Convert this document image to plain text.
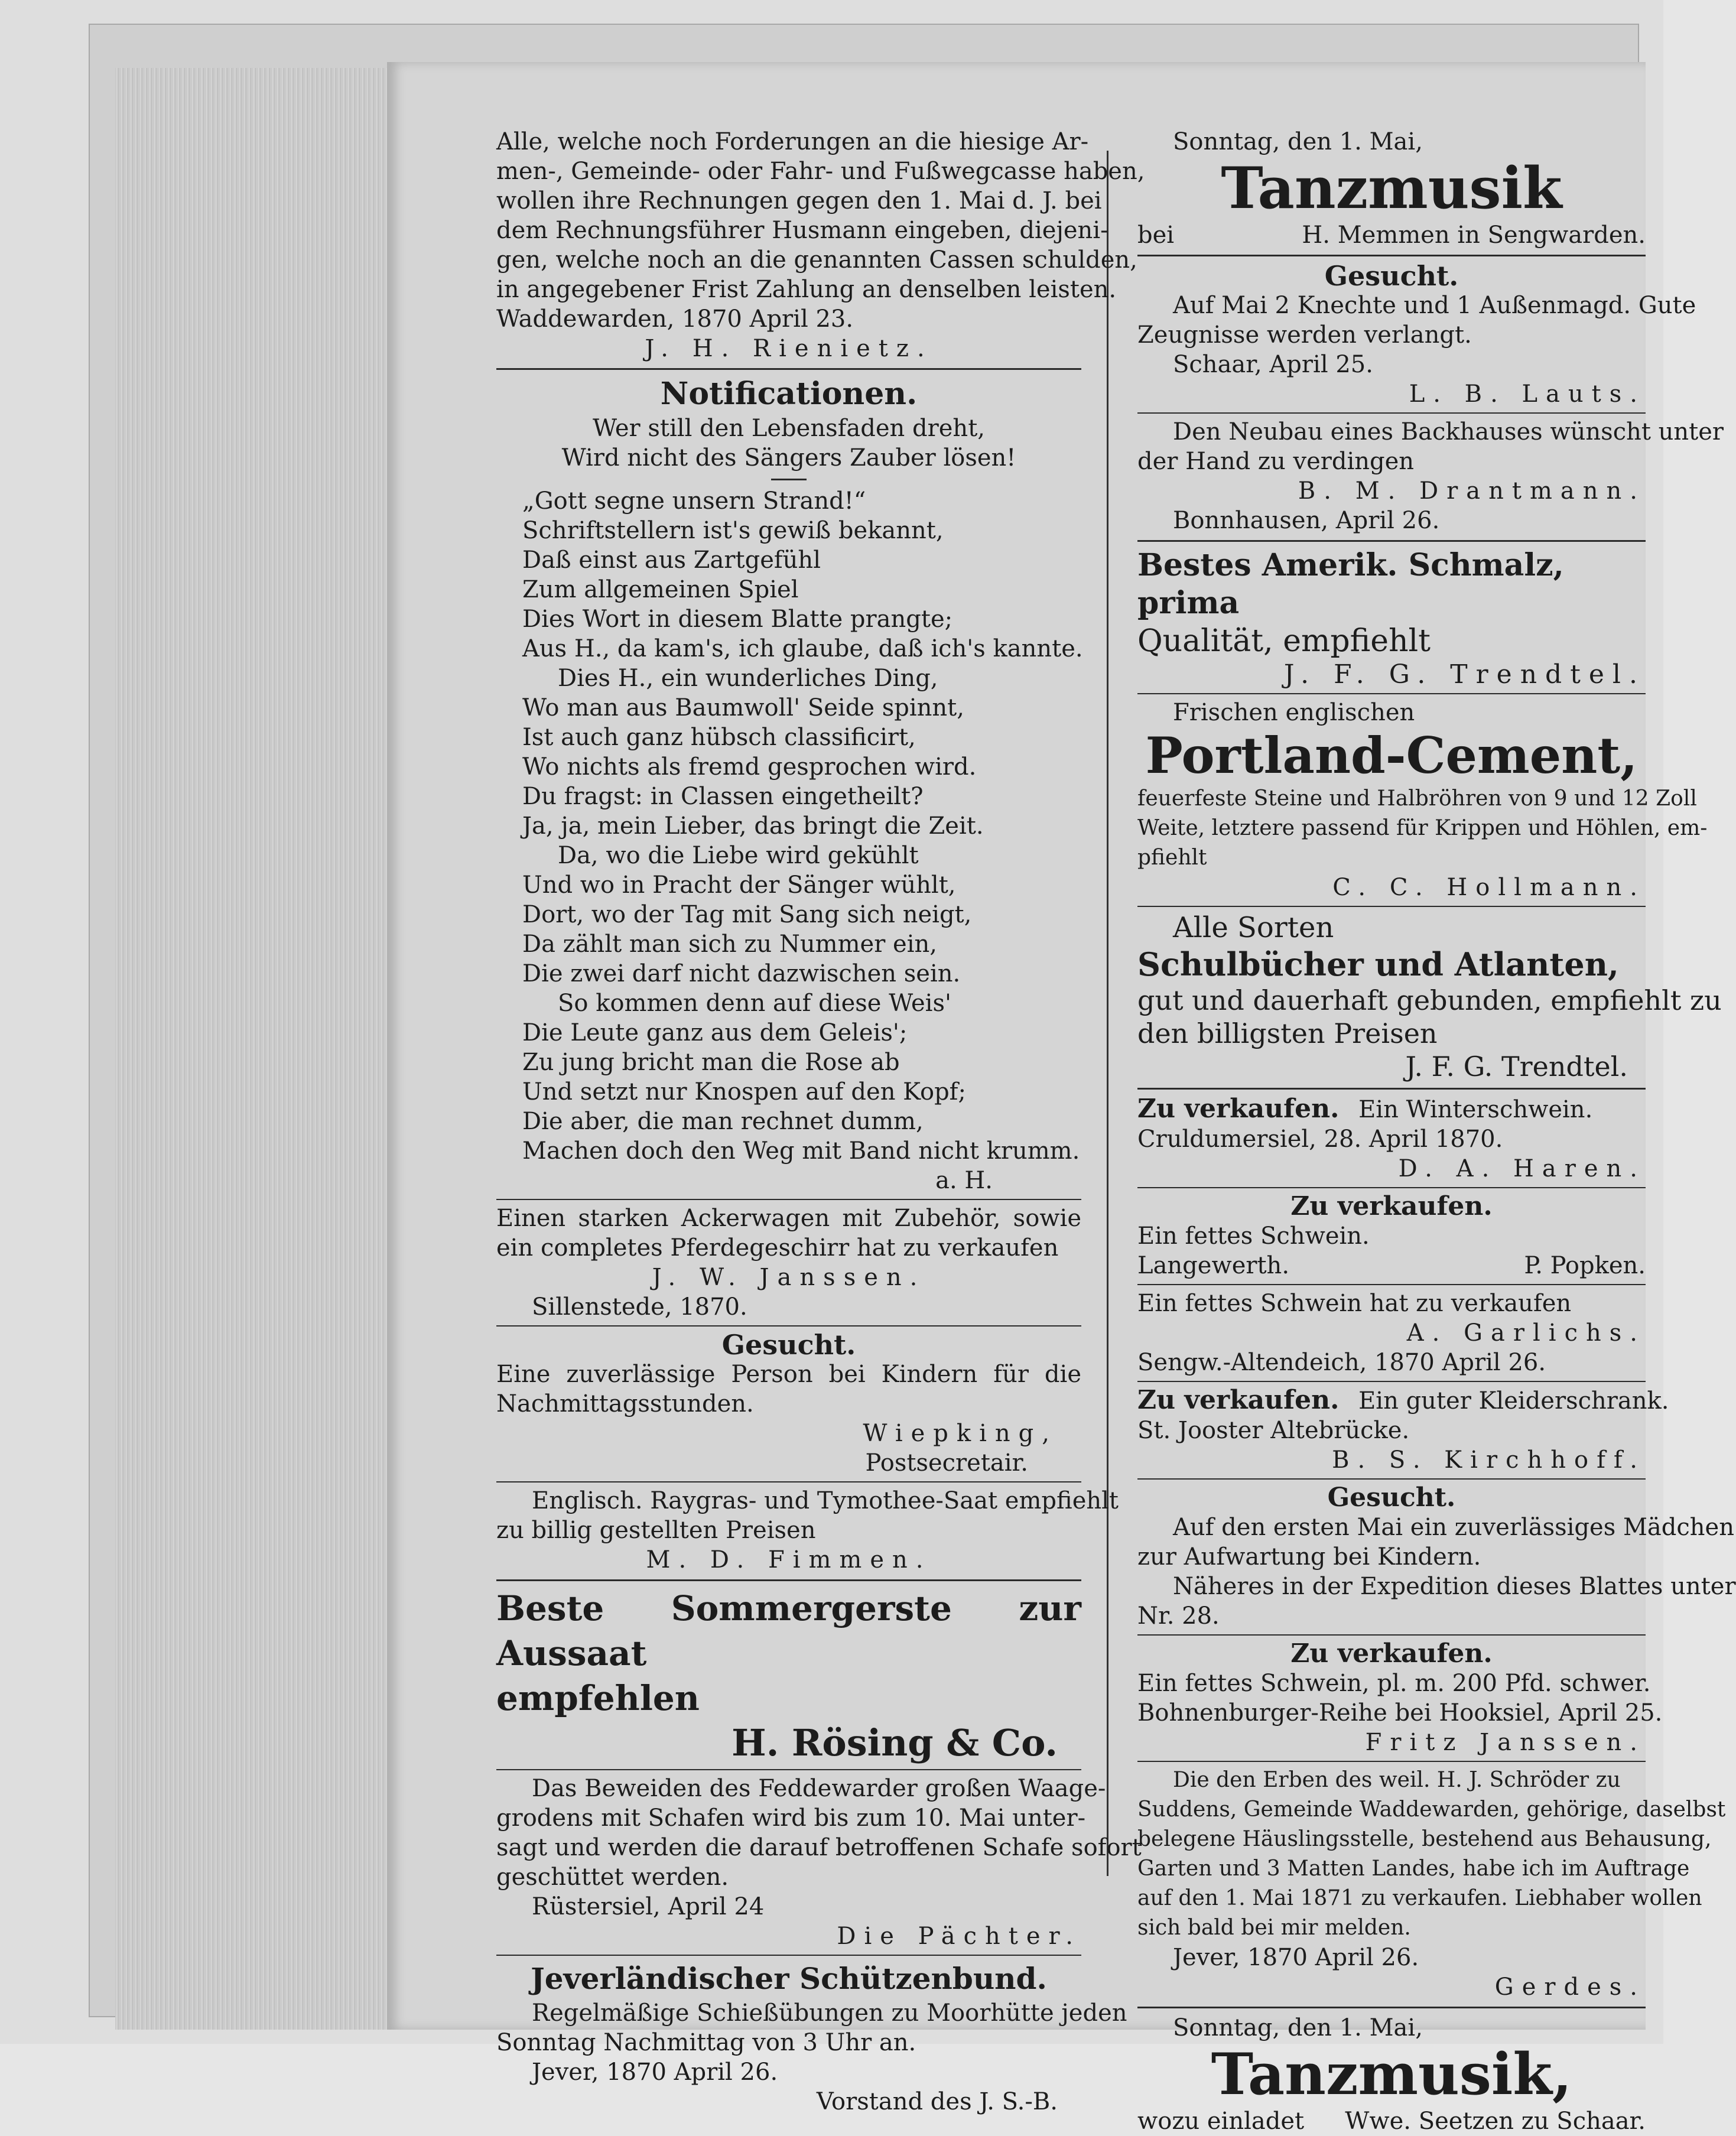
Alle, welche noch Forderungen an die hiesige Ar-
men-, Gemeinde- oder Fahr- und Fußwegcasse haben,
wollen ihre Rechnungen gegen den 1. Mai d. J. bei
dem Rechnungsführer Husmann eingeben, diejeni-
gen, welche noch an die genannten Cassen schulden,
in angegebener Frist Zahlung an denselben leisten.
Waddewarden, 1870 April 23.
J. H. Rienietz.
Notificationen.
Wer still den Lebensfaden dreht,
Wird nicht des Sängers Zauber lösen!
„Gott segne unsern Strand!“
Schriftstellern ist's gewiß bekannt,
Daß einst aus Zartgefühl
Zum allgemeinen Spiel
Dies Wort in diesem Blatte prangte;
Aus H., da kam's, ich glaube, daß ich's kannte.
Dies H., ein wunderliches Ding,
Wo man aus Baumwoll' Seide spinnt,
Ist auch ganz hübsch classificirt,
Wo nichts als fremd gesprochen wird.
Du fragst: in Classen eingetheilt?
Ja, ja, mein Lieber, das bringt die Zeit.
Da, wo die Liebe wird gekühlt
Und wo in Pracht der Sänger wühlt,
Dort, wo der Tag mit Sang sich neigt,
Da zählt man sich zu Nummer ein,
Die zwei darf nicht dazwischen sein.
So kommen denn auf diese Weis'
Die Leute ganz aus dem Geleis';
Zu jung bricht man die Rose ab
Und setzt nur Knospen auf den Kopf;
Die aber, die man rechnet dumm,
Machen doch den Weg mit Band nicht krumm.
a. H.
Einen starken Ackerwagen mit Zubehör, sowie
ein completes Pferdegeschirr hat zu verkaufen
J. W. Janssen.
Sillenstede, 1870.
Gesucht.
Eine zuverlässige Person bei Kindern für die
Nachmittagsstunden.
Wiepking,
Postsecretair.
Englisch. Raygras- und Tymothee-Saat empfiehlt
zu billig gestellten Preisen
M. D. Fimmen.
Beste Sommergerste zur Aussaat
empfehlen
H. Rösing & Co.
Das Beweiden des Feddewarder großen Waage-
grodens mit Schafen wird bis zum 10. Mai unter-
sagt und werden die darauf betroffenen Schafe sofort
geschüttet werden.
Rüstersiel, April 24
Die Pächter.
Jeverländischer Schützenbund.
Regelmäßige Schießübungen zu Moorhütte jeden
Sonntag Nachmittag von 3 Uhr an.
Jever, 1870 April 26.
Vorstand des J. S.-B.
Sonntag, den 1. Mai,
Tanzmusik
bei	H. Memmen in Sengwarden.
Gesucht.
Auf Mai 2 Knechte und 1 Außenmagd. Gute
Zeugnisse werden verlangt.
Schaar, April 25.
L. B. Lauts.
Den Neubau eines Backhauses wünscht unter
der Hand zu verdingen
B. M. Drantmann.
Bonnhausen, April 26.
Bestes Amerik. Schmalz, prima
Qualität, empfiehlt
J. F. G. Trendtel.
Frischen englischen
Portland-Cement,
feuerfeste Steine und Halbröhren von 9 und 12 Zoll
Weite, letztere passend für Krippen und Höhlen, em-
pfiehlt
C. C. Hollmann.
Alle Sorten
Schulbücher und Atlanten,
gut und dauerhaft gebunden, empfiehlt zu
den billigsten Preisen
J. F. G. Trendtel.
Zu verkaufen. Ein Winterschwein.
Cruldumersiel, 28. April 1870.
D. A. Haren.
Zu verkaufen.
Ein fettes Schwein.
Langewerth.	P. Popken.
Ein fettes Schwein hat zu verkaufen
A. Garlichs.
Sengw.-Altendeich, 1870 April 26.
Zu verkaufen. Ein guter Kleiderschrank.
St. Jooster Altebrücke.
B. S. Kirchhoff.
Gesucht.
Auf den ersten Mai ein zuverlässiges Mädchen
zur Aufwartung bei Kindern.
Näheres in der Expedition dieses Blattes unter
Nr. 28.
Zu verkaufen.
Ein fettes Schwein, pl. m. 200 Pfd. schwer.
Bohnenburger-Reihe bei Hooksiel, April 25.
Fritz Janssen.
Die den Erben des weil. H. J. Schröder zu
Suddens, Gemeinde Waddewarden, gehörige, daselbst
belegene Häuslingsstelle, bestehend aus Behausung,
Garten und 3 Matten Landes, habe ich im Auftrage
auf den 1. Mai 1871 zu verkaufen. Liebhaber wollen
sich bald bei mir melden.
Jever, 1870 April 26.
Gerdes.
Sonntag, den 1. Mai,
Tanzmusik,
wozu einladet Wwe. Seetzen zu Schaar.
